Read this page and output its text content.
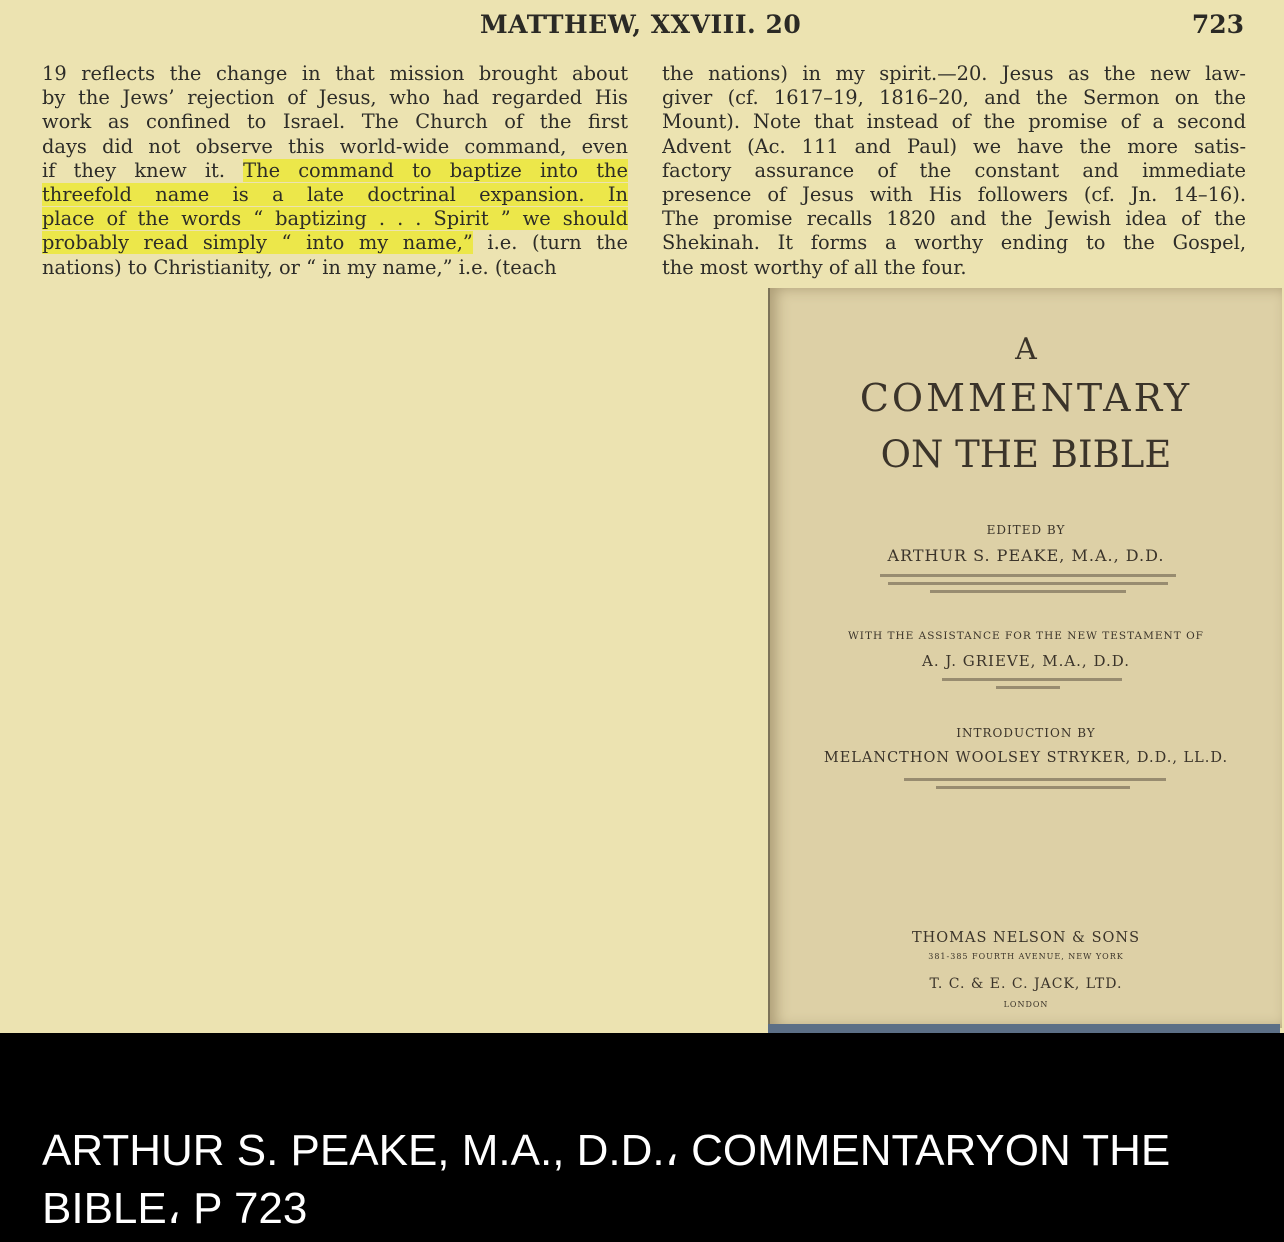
MATTHEW, XXVIII. 20	723
19 reflects the change in that mission brought about
by the Jews’ rejection of Jesus, who had regarded His
work as confined to Israel. The Church of the first
days did not observe this world-wide command, even
if they knew it. The command to baptize into the
threefold name is a late doctrinal expansion. In
place of the words “ baptizing . . . Spirit ” we should
probably read simply “ into my name,” i.e. (turn the
nations) to Christianity, or “ in my name,” i.e. (teach
the nations) in my spirit.—20. Jesus as the new law-
giver (cf. 1617–19, 1816–20, and the Sermon on the
Mount). Note that instead of the promise of a second
Advent (Ac. 111 and Paul) we have the more satis-
factory assurance of the constant and immediate
presence of Jesus with His followers (cf. Jn. 14–16).
The promise recalls 1820 and the Jewish idea of the
Shekinah. It forms a worthy ending to the Gospel,
the most worthy of all the four.
A
COMMENTARY
ON THE BIBLE
EDITED BY
ARTHUR S. PEAKE, M.A., D.D.
WITH THE ASSISTANCE FOR THE NEW TESTAMENT OF
A. J. GRIEVE, M.A., D.D.
INTRODUCTION BY
MELANCTHON WOOLSEY STRYKER, D.D., LL.D.
THOMAS NELSON & SONS
381-385 FOURTH AVENUE, NEW YORK
T. C. & E. C. JACK, LTD.
LONDON
ARTHUR S. PEAKE, M.A., D.D.، COMMENTARYON THE
BIBLE، P 723
